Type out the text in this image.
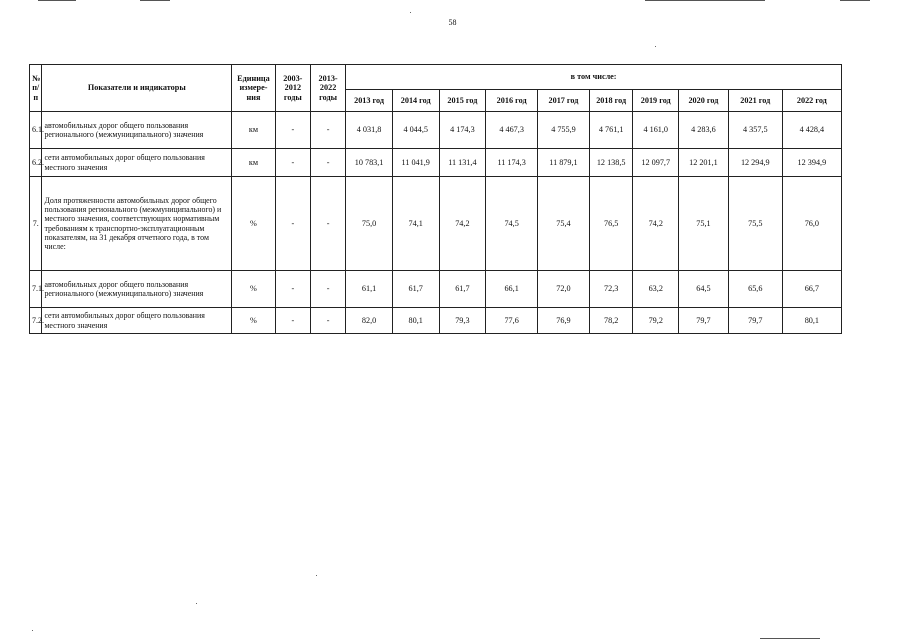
58
№ п/п	Показатели и индикаторы	Единица измере-ния	2003-2012 годы	2013-2022 годы	в том числе:									
					2013 год	2014 год	2015 год	2016 год	2017 год	2018 год	2019 год	2020 год	2021 год	2022 год
6.1.	автомобильных дорог общего пользования регионального (межмуниципального) значения	км	-	-	4 031,8	4 044,5	4 174,3	4 467,3	4 755,9	4 761,1	4 161,0	4 283,6	4 357,5	4 428,4
6.2.	сети автомобильных дорог общего пользования местного значения	км	-	-	10 783,1	11 041,9	11 131,4	11 174,3	11 879,1	12 138,5	12 097,7	12 201,1	12 294,9	12 394,9
7.	Доля протяженности автомобильных дорог общего пользования регионального (межмуниципального) и местного значения, соответствующих нормативным требованиям к транспортно-эксплуатационным показателям, на 31 декабря отчетного года, в том числе:	%	-	-	75,0	74,1	74,2	74,5	75,4	76,5	74,2	75,1	75,5	76,0
7.1.	автомобильных дорог общего пользования регионального (межмуниципального) значения	%	-	-	61,1	61,7	61,7	66,1	72,0	72,3	63,2	64,5	65,6	66,7
7.2.	сети автомобильных дорог общего пользования местного значения	%	-	-	82,0	80,1	79,3	77,6	76,9	78,2	79,2	79,7	79,7	80,1
